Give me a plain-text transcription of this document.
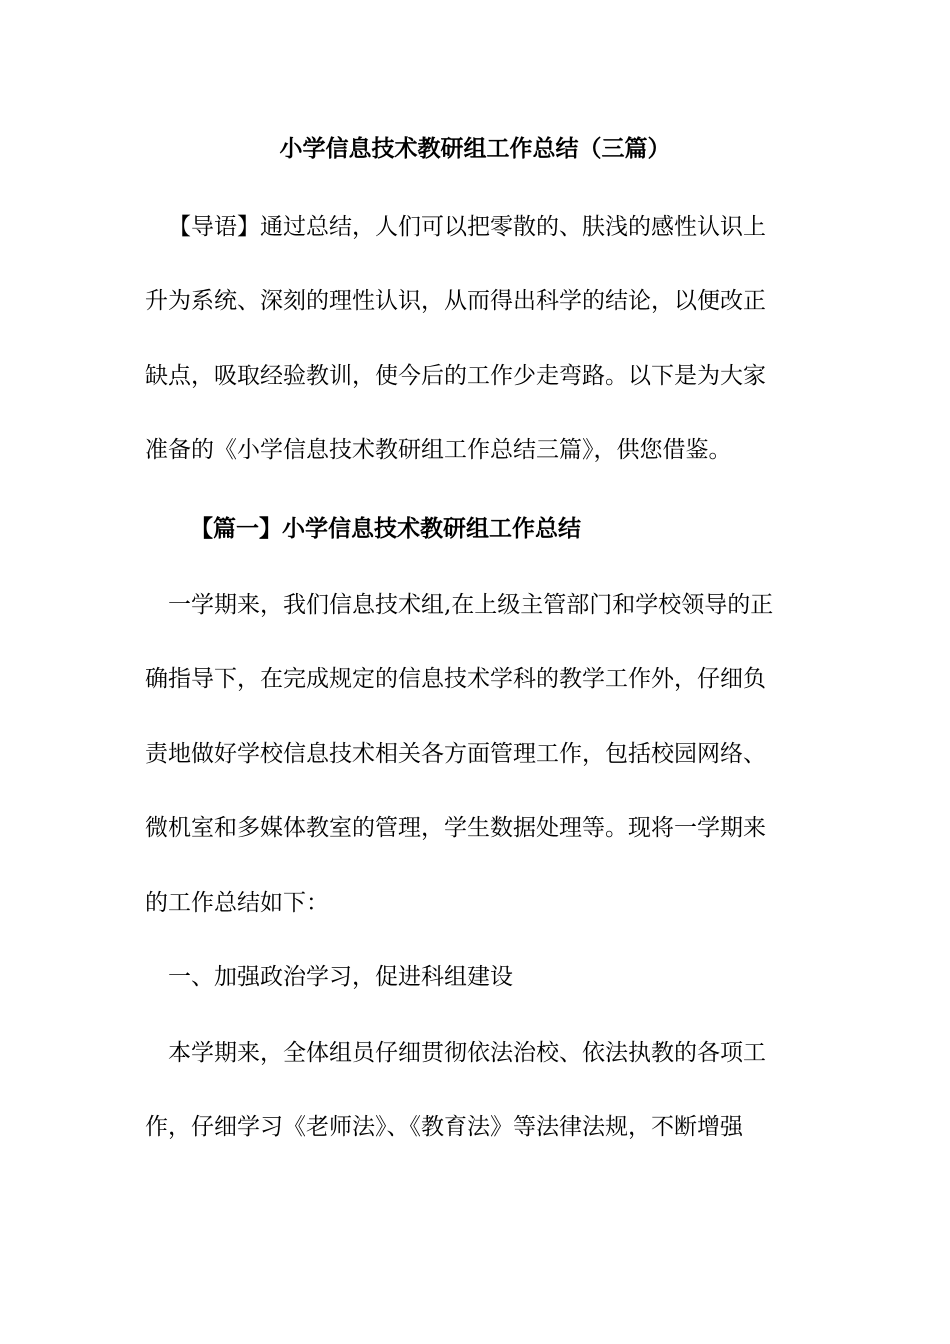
小学信息技术教研组工作总结（三篇）

【导语】通过总结，人们可以把零散的、肤浅的感性认识上

升为系统、深刻的理性认识，从而得出科学的结论，以便改正

缺点，吸取经验教训，使今后的工作少走弯路。以下是为大家

准备的《小学信息技术教研组工作总结三篇》，供您借鉴。

【篇一】小学信息技术教研组工作总结

一学期来，我们信息技术组,在上级主管部门和学校领导的正

确指导下，在完成规定的信息技术学科的教学工作外，仔细负

责地做好学校信息技术相关各方面管理工作，包括校园网络、

微机室和多媒体教室的管理，学生数据处理等。现将一学期来

的工作总结如下：

一、加强政治学习，促进科组建设

本学期来，全体组员仔细贯彻依法治校、依法执教的各项工

作，仔细学习《老师法》、《教育法》等法律法规，不断增强
